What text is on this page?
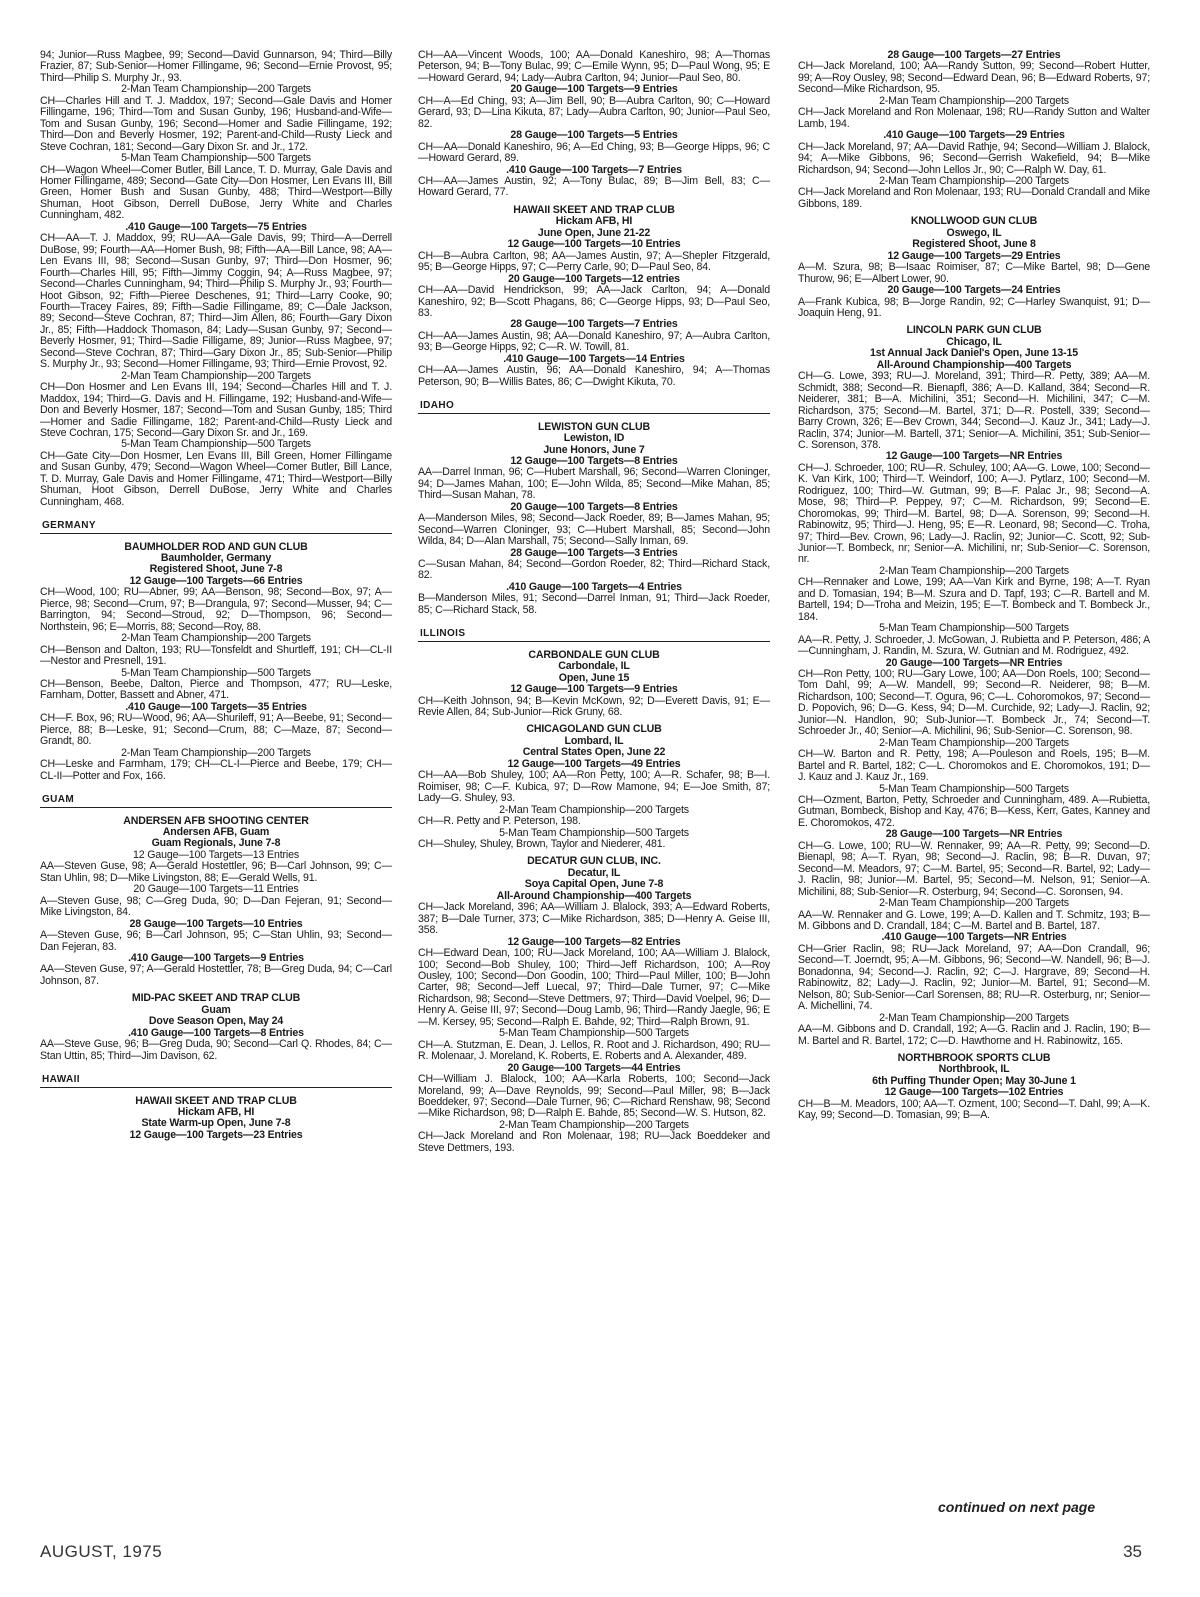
94; Junior—Russ Magbee, 99; Second—David Gunnarson, 94; Third—Billy Frazier, 87; Sub-Senior—Homer Fillingame, 96; Second—Ernie Provost, 95; Third—Philip S. Murphy Jr., 93.

2-Man Team Championship—200 Targets

CH—Charles Hill and T. J. Maddox, 197; Second—Gale Davis and Homer Fillingame, 196; Third—Tom and Susan Gunby, 196; Husband-and-Wife—Tom and Susan Gunby, 196; Second—Homer and Sadie Fillingame, 192; Third—Don and Beverly Hosmer, 192; Parent-and-Child—Rusty Lieck and Steve Cochran, 181; Second—Gary Dixon Sr. and Jr., 172.

5-Man Team Championship—500 Targets

CH—Wagon Wheel—Comer Butler, Bill Lance, T. D. Murray, Gale Davis and Homer Fillingame, 489; Second—Gate City—Don Hosmer, Len Evans III, Bill Green, Homer Bush and Susan Gunby, 488; Third—Westport—Billy Shuman, Hoot Gibson, Derrell DuBose, Jerry White and Charles Cunningham, 482.

.410 Gauge—100 Targets—75 Entries

CH—AA—T. J. Maddox, 99; RU—AA—Gale Davis, 99; Third—A—Derrell DuBose, 99; Fourth—AA—Homer Bush, 98; Fifth—AA—Bill Lance, 98; AA—Len Evans III, 98; Second—Susan Gunby, 97; Third—Don Hosmer, 96; Fourth—Charles Hill, 95; Fifth—Jimmy Coggin, 94; A—Russ Magbee, 97; Second—Charles Cunningham, 94; Third—Philip S. Murphy Jr., 93; Fourth—Hoot Gibson, 92; Fifth—Pieree Deschenes, 91; Third—Larry Cooke, 90; Fourth—Tracey Faires, 89; Fifth—Sadie Fillingame, 89; C—Dale Jackson, 89; Second—Steve Cochran, 87; Third—Jim Allen, 86; Fourth—Gary Dixon Jr., 85; Fifth—Haddock Thomason, 84; Lady—Susan Gunby, 97; Second—Beverly Hosmer, 91; Third—Sadie Filligame, 89; Junior—Russ Magbee, 97; Second—Steve Cochran, 87; Third—Gary Dixon Jr., 85; Sub-Senior—Philip S. Murphy Jr., 93; Second—Homer Fillingame, 93; Third—Ernie Provost, 92.

2-Man Team Championship—200 Targets

CH—Don Hosmer and Len Evans III, 194; Second—Charles Hill and T. J. Maddox, 194; Third—G. Davis and H. Fillingame, 192; Husband-and-Wife—Don and Beverly Hosmer, 187; Second—Tom and Susan Gunby, 185; Third—Homer and Sadie Fillingame, 182; Parent-and-Child—Rusty Lieck and Steve Cochran, 175; Second—Gary Dixon Sr. and Jr., 169.

5-Man Team Championship—500 Targets

CH—Gate City—Don Hosmer, Len Evans III, Bill Green, Homer Fillingame and Susan Gunby, 479; Second—Wagon Wheel—Comer Butler, Bill Lance, T. D. Murray, Gale Davis and Homer Fillingame, 471; Third—Westport—Billy Shuman, Hoot Gibson, Derrell DuBose, Jerry White and Charles Cunningham, 468.

GERMANY

BAUMHOLDER ROD AND GUN CLUB

Baumholder, Germany

Registered Shoot, June 7-8

12 Gauge—100 Targets—66 Entries

CH—Wood, 100; RU—Abner, 99; AA—Benson, 98; Second—Box, 97; A—Pierce, 98; Second—Crum, 97; B—Drangula, 97; Second—Musser, 94; C—Barrington, 94; Second—Stroud, 92; D—Thompson, 96; Second—Northstein, 96; E—Morris, 88; Second—Roy, 88.

2-Man Team Championship—200 Targets

CH—Benson and Dalton, 193; RU—Tonsfeldt and Shurtleff, 191; CH—CL-II—Nestor and Presnell, 191.

5-Man Team Championship—500 Targets

CH—Benson, Beebe, Dalton, Pierce and Thompson, 477; RU—Leske, Farnham, Dotter, Bassett and Abner, 471.

.410 Gauge—100 Targets—35 Entries

CH—F. Box, 96; RU—Wood, 96; AA—Shurileff, 91; A—Beebe, 91; Second—Pierce, 88; B—Leske, 91; Second—Crum, 88; C—Maze, 87; Second—Grandt, 80.

2-Man Team Championship—200 Targets

CH—Leske and Farmham, 179; CH—CL-I—Pierce and Beebe, 179; CH—CL-II—Potter and Fox, 166.

GUAM

ANDERSEN AFB SHOOTING CENTER

Andersen AFB, Guam

Guam Regionals, June 7-8

12 Gauge—100 Targets—13 Entries

AA—Steven Guse, 98; A—Gerald Hostettler, 96; B—Carl Johnson, 99; C—Stan Uhlin, 98; D—Mike Livingston, 88; E—Gerald Wells, 91.

20 Gauge—100 Targets—11 Entries

A—Steven Guse, 98; C—Greg Duda, 90; D—Dan Fejeran, 91; Second—Mike Livingston, 84.

28 Gauge—100 Targets—10 Entries

A—Steven Guse, 96; B—Carl Johnson, 95; C—Stan Uhlin, 93; Second—Dan Fejeran, 83.

.410 Gauge—100 Targets—9 Entries

AA—Steven Guse, 97; A—Gerald Hostettler, 78; B—Greg Duda, 94; C—Carl Johnson, 87.

MID-PAC SKEET AND TRAP CLUB

Guam

Dove Season Open, May 24

.410 Gauge—100 Targets—8 Entries

AA—Steve Guse, 96; B—Greg Duda, 90; Second—Carl Q. Rhodes, 84; C—Stan Uttin, 85; Third—Jim Davison, 62.

HAWAII

HAWAII SKEET AND TRAP CLUB

Hickam AFB, HI

State Warm-up Open, June 7-8

12 Gauge—100 Targets—23 Entries

CH—AA—Vincent Woods, 100; AA—Donald Kaneshiro, 98; A—Thomas Peterson, 94; B—Tony Bulac, 99; C—Emile Wynn, 95; D—Paul Wong, 95; E—Howard Gerard, 94; Lady—Aubra Carlton, 94; Junior—Paul Seo, 80.

20 Gauge—100 Targets—9 Entries

CH—A—Ed Ching, 93; A—Jim Bell, 90; B—Aubra Carlton, 90; C—Howard Gerard, 93; D—Lina Kikuta, 87; Lady—Aubra Carlton, 90; Junior—Paul Seo, 82.

28 Gauge—100 Targets—5 Entries

CH—AA—Donald Kaneshiro, 96; A—Ed Ching, 93; B—George Hipps, 96; C—Howard Gerard, 89.

.410 Gauge—100 Targets—7 Entries

CH—AA—James Austin, 92; A—Tony Bulac, 89; B—Jim Bell, 83; C—Howard Gerard, 77.

HAWAII SKEET AND TRAP CLUB

Hickam AFB, HI

June Open, June 21-22

12 Gauge—100 Targets—10 Entries

CH—B—Aubra Carlton, 98; AA—James Austin, 97; A—Shepler Fitzgerald, 95; B—George Hipps, 97; C—Perry Carle, 90; D—Paul Seo, 84.

20 Gauge—100 Targets—12 entries

CH—AA—David Hendrickson, 99; AA—Jack Carlton, 94; A—Donald Kaneshiro, 92; B—Scott Phagans, 86; C—George Hipps, 93; D—Paul Seo, 83.

28 Gauge—100 Targets—7 Entries

CH—AA—James Austin, 98; AA—Donald Kaneshiro, 97; A—Aubra Carlton, 93; B—George Hipps, 92; C—R. W. Towill, 81.

.410 Gauge—100 Targets—14 Entries

CH—AA—James Austin, 96; AA—Donald Kaneshiro, 94; A—Thomas Peterson, 90; B—Willis Bates, 86; C—Dwight Kikuta, 70.

IDAHO

LEWISTON GUN CLUB

Lewiston, ID

June Honors, June 7

12 Gauge—100 Targets—8 Entries

AA—Darrel Inman, 96; C—Hubert Marshall, 96; Second—Warren Cloninger, 94; D—James Mahan, 100; E—John Wilda, 85; Second—Mike Mahan, 85; Third—Susan Mahan, 78.

20 Gauge—100 Targets—8 Entries

A—Manderson Miles, 98; Second—Jack Roeder, 89; B—James Mahan, 95; Second—Warren Cloninger, 93; C—Hubert Marshall, 85; Second—John Wilda, 84; D—Alan Marshall, 75; Second—Sally Inman, 69.

28 Gauge—100 Targets—3 Entries

C—Susan Mahan, 84; Second—Gordon Roeder, 82; Third—Richard Stack, 82.

.410 Gauge—100 Targets—4 Entries

B—Manderson Miles, 91; Second—Darrel Inman, 91; Third—Jack Roeder, 85; C—Richard Stack, 58.

ILLINOIS

CARBONDALE GUN CLUB

Carbondale, IL

Open, June 15

12 Gauge—100 Targets—9 Entries

CH—Keith Johnson, 94; B—Kevin McKown, 92; D—Everett Davis, 91; E—Revie Allen, 84; Sub-Junior—Rick Gruny, 68.

CHICAGOLAND GUN CLUB

Lombard, IL

Central States Open, June 22

12 Gauge—100 Targets—49 Entries

CH—AA—Bob Shuley, 100; AA—Ron Petty, 100; A—R. Schafer, 98; B—I. Roimiser, 98; C—F. Kubica, 97; D—Row Mamone, 94; E—Joe Smith, 87; Lady—G. Shuley, 93.

2-Man Team Championship—200 Targets

CH—R. Petty and P. Peterson, 198.

5-Man Team Championship—500 Targets

CH—Shuley, Shuley, Brown, Taylor and Niederer, 481.

DECATUR GUN CLUB, INC.

Decatur, IL

Soya Capital Open, June 7-8

All-Around Championship—400 Targets

CH—Jack Moreland, 396; AA—William J. Blalock, 393; A—Edward Roberts, 387; B—Dale Turner, 373; C—Mike Richardson, 385; D—Henry A. Geise III, 358.

12 Gauge—100 Targets—82 Entries

CH—Edward Dean, 100; RU—Jack Moreland, 100; AA—William J. Blalock, 100; Second—Bob Shuley, 100; Third—Jeff Richardson, 100; A—Roy Ousley, 100; Second—Don Goodin, 100; Third—Paul Miller, 100; B—John Carter, 98; Second—Jeff Luecal, 97; Third—Dale Turner, 97; C—Mike Richardson, 98; Second—Steve Dettmers, 97; Third—David Voelpel, 96; D—Henry A. Geise III, 97; Second—Doug Lamb, 96; Third—Randy Jaegle, 96; E—M. Kersey, 95; Second—Ralph E. Bahde, 92; Third—Ralph Brown, 91.

5-Man Team Championship—500 Targets

CH—A. Stutzman, E. Dean, J. Lellos, R. Root and J. Richardson, 490; RU—R. Molenaar, J. Moreland, K. Roberts, E. Roberts and A. Alexander, 489.

20 Gauge—100 Targets—44 Entries

CH—William J. Blalock, 100; AA—Karla Roberts, 100; Second—Jack Moreland, 99; A—Dave Reynolds, 99; Second—Paul Miller, 98; B—Jack Boeddeker, 97; Second—Dale Turner, 96; C—Richard Renshaw, 98; Second—Mike Richardson, 98; D—Ralph E. Bahde, 85; Second—W. S. Hutson, 82.

2-Man Team Championship—200 Targets

CH—Jack Moreland and Ron Molenaar, 198; RU—Jack Boeddeker and Steve Dettmers, 193.

28 Gauge—100 Targets—27 Entries

CH—Jack Moreland, 100; AA—Randy Sutton, 99; Second—Robert Hutter, 99; A—Roy Ousley, 98; Second—Edward Dean, 96; B—Edward Roberts, 97; Second—Mike Richardson, 95.

2-Man Team Championship—200 Targets

CH—Jack Moreland and Ron Molenaar, 198; RU—Randy Sutton and Walter Lamb, 194.

.410 Gauge—100 Targets—29 Entries

CH—Jack Moreland, 97; AA—David Rathje, 94; Second—William J. Blalock, 94; A—Mike Gibbons, 96; Second—Gerrish Wakefield, 94; B—Mike Richardson, 94; Second—John Lellos Jr., 90; C—Ralph W. Day, 61.

2-Man Team Championship—200 Targets

CH—Jack Moreland and Ron Molenaar, 193; RU—Donald Crandall and Mike Gibbons, 189.

KNOLLWOOD GUN CLUB

Oswego, IL

Registered Shoot, June 8

12 Gauge—100 Targets—29 Entries

A—M. Szura, 98; B—Isaac Roimiser, 87; C—Mike Bartel, 98; D—Gene Thurow, 96; E—Albert Lower, 90.

20 Gauge—100 Targets—24 Entries

A—Frank Kubica, 98; B—Jorge Randin, 92; C—Harley Swanquist, 91; D—Joaquin Heng, 91.

LINCOLN PARK GUN CLUB

Chicago, IL

1st Annual Jack Daniel's Open, June 13-15

All-Around Championship—400 Targets

CH—G. Lowe, 393; RU—J. Moreland, 391; Third—R. Petty, 389; AA—M. Schmidt, 388; Second—R. Bienapfl, 386; A—D. Kalland, 384; Second—R. Neiderer, 381; B—A. Michilini, 351; Second—H. Michilini, 347; C—M. Richardson, 375; Second—M. Bartel, 371; D—R. Postell, 339; Second—Barry Crown, 326; E—Bev Crown, 344; Second—J. Kauz Jr., 341; Lady—J. Raclin, 374; Junior—M. Bartell, 371; Senior—A. Michilini, 351; Sub-Senior—C. Sorenson, 378.

12 Gauge—100 Targets—NR Entries

CH—J. Schroeder, 100; RU—R. Schuley, 100; AA—G. Lowe, 100; Second—K. Van Kirk, 100; Third—T. Weindorf, 100; A—J. Pytlarz, 100; Second—M. Rodriguez, 100; Third—W. Gutman, 99; B—F. Palac Jr., 98; Second—A. Mose, 98; Third—P. Peppey, 97; C—M. Richardson, 99; Second—E. Choromokas, 99; Third—M. Bartel, 98; D—A. Sorenson, 99; Second—H. Rabinowitz, 95; Third—J. Heng, 95; E—R. Leonard, 98; Second—C. Troha, 97; Third—Bev. Crown, 96; Lady—J. Raclin, 92; Junior—C. Scott, 92; Sub-Junior—T. Bombeck, nr; Senior—A. Michilini, nr; Sub-Senior—C. Sorenson, nr.

2-Man Team Championship—200 Targets

CH—Rennaker and Lowe, 199; AA—Van Kirk and Byrne, 198; A—T. Ryan and D. Tomasian, 194; B—M. Szura and D. Tapf, 193; C—R. Bartell and M. Bartell, 194; D—Troha and Meizin, 195; E—T. Bombeck and T. Bombeck Jr., 184.

5-Man Team Championship—500 Targets

AA—R. Petty, J. Schroeder, J. McGowan, J. Rubietta and P. Peterson, 486; A—Cunningham, J. Randin, M. Szura, W. Gutnian and M. Rodriguez, 492.

20 Gauge—100 Targets—NR Entries

CH—Ron Petty, 100; RU—Gary Lowe, 100; AA—Don Roels, 100; Second—Tom Dahl, 99; A—W. Mandell, 99; Second—R. Neiderer, 98; B—M. Richardson, 100; Second—T. Ogura, 96; C—L. Cohoromokos, 97; Second—D. Popovich, 96; D—G. Kess, 94; D—M. Curchide, 92; Lady—J. Raclin, 92; Junior—N. Handlon, 90; Sub-Junior—T. Bombeck Jr., 74; Second—T. Schroeder Jr., 40; Senior—A. Michilini, 96; Sub-Senior—C. Sorenson, 98.

2-Man Team Championship—200 Targets

CH—W. Barton and R. Petty, 198; A—Pouleson and Roels, 195; B—M. Bartel and R. Bartel, 182; C—L. Choromokos and E. Choromokos, 191; D—J. Kauz and J. Kauz Jr., 169.

5-Man Team Championship—500 Targets

CH—Ozment, Barton, Petty, Schroeder and Cunningham, 489. A—Rubietta, Gutman, Bombeck, Bishop and Kay, 476; B—Kess, Kerr, Gates, Kanney and E. Choromokos, 472.

28 Gauge—100 Targets—NR Entries

CH—G. Lowe, 100; RU—W. Rennaker, 99; AA—R. Petty, 99; Second—D. Bienapl, 98; A—T. Ryan, 98; Second—J. Raclin, 98; B—R. Duvan, 97; Second—M. Meadors, 97; C—M. Bartel, 95; Second—R. Bartel, 92; Lady—J. Raclin, 98; Junior—M. Bartel, 95; Second—M. Nelson, 91; Senior—A. Michilini, 88; Sub-Senior—R. Osterburg, 94; Second—C. Soronsen, 94.

2-Man Team Championship—200 Targets

AA—W. Rennaker and G. Lowe, 199; A—D. Kallen and T. Schmitz, 193; B—M. Gibbons and D. Crandall, 184; C—M. Bartel and B. Bartel, 187.

.410 Gauge—100 Targets—NR Entries

CH—Grier Raclin, 98; RU—Jack Moreland, 97; AA—Don Crandall, 96; Second—T. Joerndt, 95; A—M. Gibbons, 96; Second—W. Nandell, 96; B—J. Bonadonna, 94; Second—J. Raclin, 92; C—J. Hargrave, 89; Second—H. Rabinowitz, 82; Lady—J. Raclin, 92; Junior—M. Bartel, 91; Second—M. Nelson, 80; Sub-Senior—Carl Sorensen, 88; RU—R. Osterburg, nr; Senior—A. Michellini, 74.

2-Man Team Championship—200 Targets

AA—M. Gibbons and D. Crandall, 192; A—G. Raclin and J. Raclin, 190; B—M. Bartel and R. Bartel, 172; C—D. Hawthorne and H. Rabinowitz, 165.

NORTHBROOK SPORTS CLUB

Northbrook, IL

6th Puffing Thunder Open; May 30-June 1

12 Gauge—100 Targets—102 Entries

CH—B—M. Meadors, 100; AA—T. Ozment, 100; Second—T. Dahl, 99; A—K. Kay, 99; Second—D. Tomasian, 99; B—A.

continued on next page
AUGUST, 1975	35
